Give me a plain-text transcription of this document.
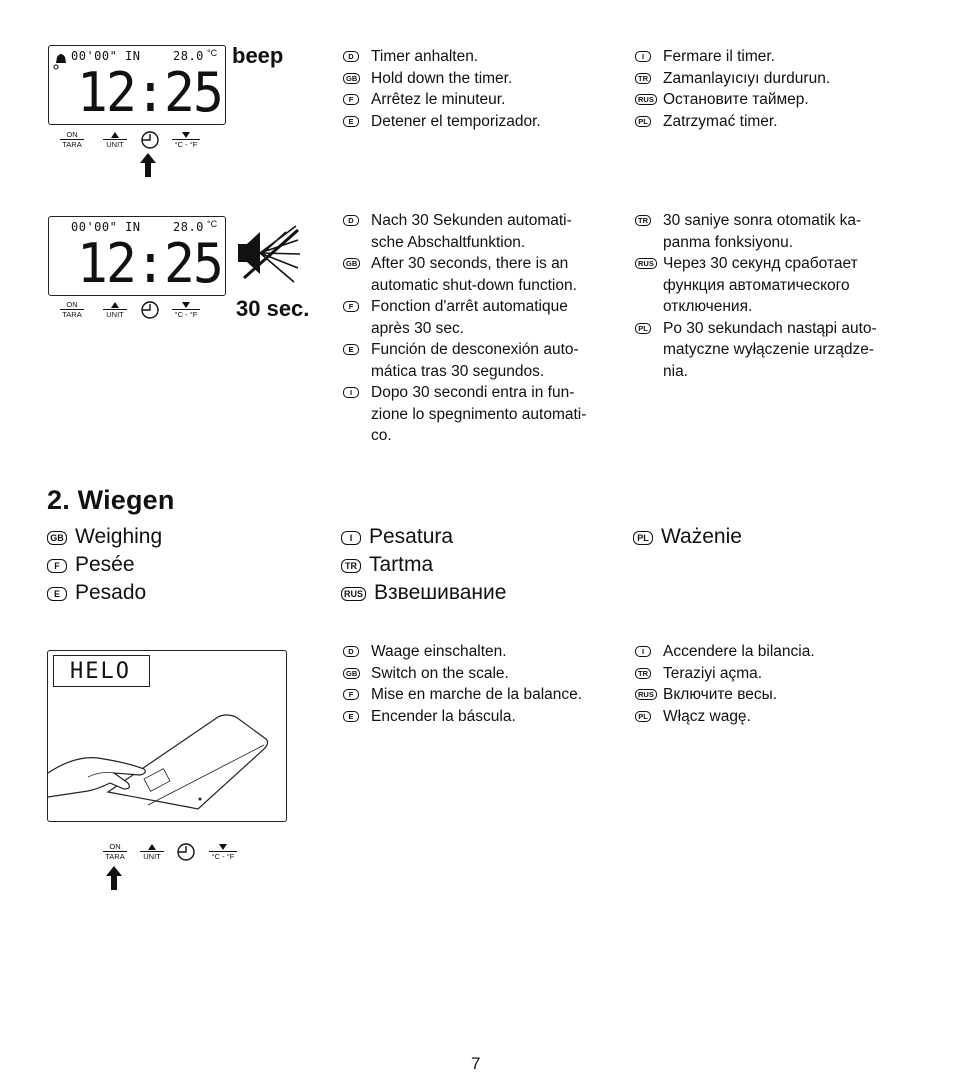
00'00" IN	28.0 °C
12:25
beep
ON
TARA	UNIT	°C - °F
D	Timer anhalten.
GB Hold down the timer.
F	Arrêtez le minuteur.
E	Detener el temporizador.
I	Fermare il timer.
TR Zamanlayıcıyı durdurun.
RUS Остановите таймер.
PL Zatrzymać timer.
00'00" IN	28.0 °C
12:25
30 sec.
ON
TARA	UNIT	°C - °F
D	Nach 30 Sekunden automati-
sche Abschaltfunktion.
GB After 30 seconds, there is an
automatic shut-down function.
F	Fonction d'arrêt automatique
après 30 sec.
E	Función de desconexión auto-
mática tras 30 segundos.
I	Dopo 30 secondi entra in fun-
zione lo spegnimento automati-
co.
TR 30 saniye sonra otomatik ka-
panma fonksiyonu.
RUS Через 30 секунд сработает
функция автоматического
отключения.
PL Po 30 sekundach nastąpi auto-
matyczne wyłączenie urządze-
nia.
2. Wiegen
GB Weighing
F Pesée
E Pesado
I Pesatura
TR Tartma
RUS Взвешивание
PL Ważenie
HELO
ON
TARA	UNIT	°C - °F
D	Waage einschalten.
GB Switch on the scale.
F	Mise en marche de la balance.
E	Encender la báscula.
I	Accendere la bilancia.
TR Teraziyi açma.
RUS Включите весы.
PL Włącz wagę.
7
